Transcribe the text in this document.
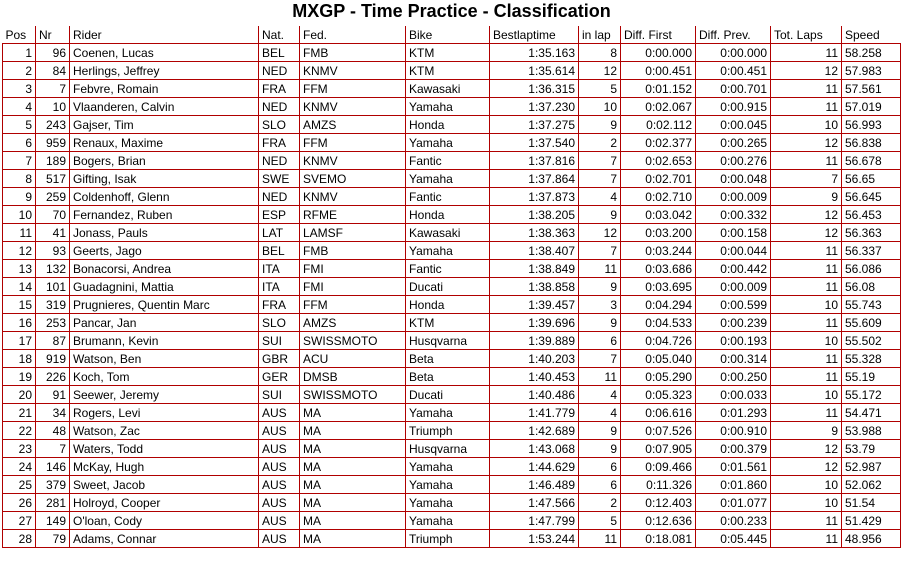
MXGP - Time Practice - Classification
Pos	Nr	Rider	Nat.	Fed.	Bike	Bestlaptime	in lap	Diff. First	Diff. Prev.	Tot. Laps	Speed
1	96	Coenen, Lucas	BEL	FMB	KTM	1:35.163	8	0:00.000	0:00.000	11	58.258
2	84	Herlings, Jeffrey	NED	KNMV	KTM	1:35.614	12	0:00.451	0:00.451	12	57.983
3	7	Febvre, Romain	FRA	FFM	Kawasaki	1:36.315	5	0:01.152	0:00.701	11	57.561
4	10	Vlaanderen, Calvin	NED	KNMV	Yamaha	1:37.230	10	0:02.067	0:00.915	11	57.019
5	243	Gajser, Tim	SLO	AMZS	Honda	1:37.275	9	0:02.112	0:00.045	10	56.993
6	959	Renaux, Maxime	FRA	FFM	Yamaha	1:37.540	2	0:02.377	0:00.265	12	56.838
7	189	Bogers, Brian	NED	KNMV	Fantic	1:37.816	7	0:02.653	0:00.276	11	56.678
8	517	Gifting, Isak	SWE	SVEMO	Yamaha	1:37.864	7	0:02.701	0:00.048	7	56.65
9	259	Coldenhoff, Glenn	NED	KNMV	Fantic	1:37.873	4	0:02.710	0:00.009	9	56.645
10	70	Fernandez, Ruben	ESP	RFME	Honda	1:38.205	9	0:03.042	0:00.332	12	56.453
11	41	Jonass, Pauls	LAT	LAMSF	Kawasaki	1:38.363	12	0:03.200	0:00.158	12	56.363
12	93	Geerts, Jago	BEL	FMB	Yamaha	1:38.407	7	0:03.244	0:00.044	11	56.337
13	132	Bonacorsi, Andrea	ITA	FMI	Fantic	1:38.849	11	0:03.686	0:00.442	11	56.086
14	101	Guadagnini, Mattia	ITA	FMI	Ducati	1:38.858	9	0:03.695	0:00.009	11	56.08
15	319	Prugnieres, Quentin Marc	FRA	FFM	Honda	1:39.457	3	0:04.294	0:00.599	10	55.743
16	253	Pancar, Jan	SLO	AMZS	KTM	1:39.696	9	0:04.533	0:00.239	11	55.609
17	87	Brumann, Kevin	SUI	SWISSMOTO	Husqvarna	1:39.889	6	0:04.726	0:00.193	10	55.502
18	919	Watson, Ben	GBR	ACU	Beta	1:40.203	7	0:05.040	0:00.314	11	55.328
19	226	Koch, Tom	GER	DMSB	Beta	1:40.453	11	0:05.290	0:00.250	11	55.19
20	91	Seewer, Jeremy	SUI	SWISSMOTO	Ducati	1:40.486	4	0:05.323	0:00.033	10	55.172
21	34	Rogers, Levi	AUS	MA	Yamaha	1:41.779	4	0:06.616	0:01.293	11	54.471
22	48	Watson, Zac	AUS	MA	Triumph	1:42.689	9	0:07.526	0:00.910	9	53.988
23	7	Waters, Todd	AUS	MA	Husqvarna	1:43.068	9	0:07.905	0:00.379	12	53.79
24	146	McKay, Hugh	AUS	MA	Yamaha	1:44.629	6	0:09.466	0:01.561	12	52.987
25	379	Sweet, Jacob	AUS	MA	Yamaha	1:46.489	6	0:11.326	0:01.860	10	52.062
26	281	Holroyd, Cooper	AUS	MA	Yamaha	1:47.566	2	0:12.403	0:01.077	10	51.54
27	149	O'loan, Cody	AUS	MA	Yamaha	1:47.799	5	0:12.636	0:00.233	11	51.429
28	79	Adams, Connar	AUS	MA	Triumph	1:53.244	11	0:18.081	0:05.445	11	48.956
